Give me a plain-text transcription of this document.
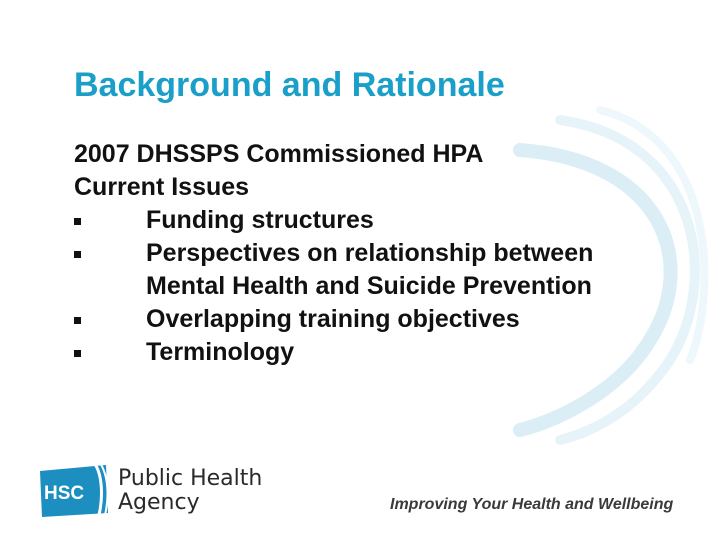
Background and Rationale
2007 DHSSPS Commissioned HPA
Current Issues
Funding structures
Perspectives on relationship between
Mental Health and Suicide Prevention
Overlapping training objectives
Terminology
HSC
Public Health
Agency	Improving Your Health and Wellbeing
